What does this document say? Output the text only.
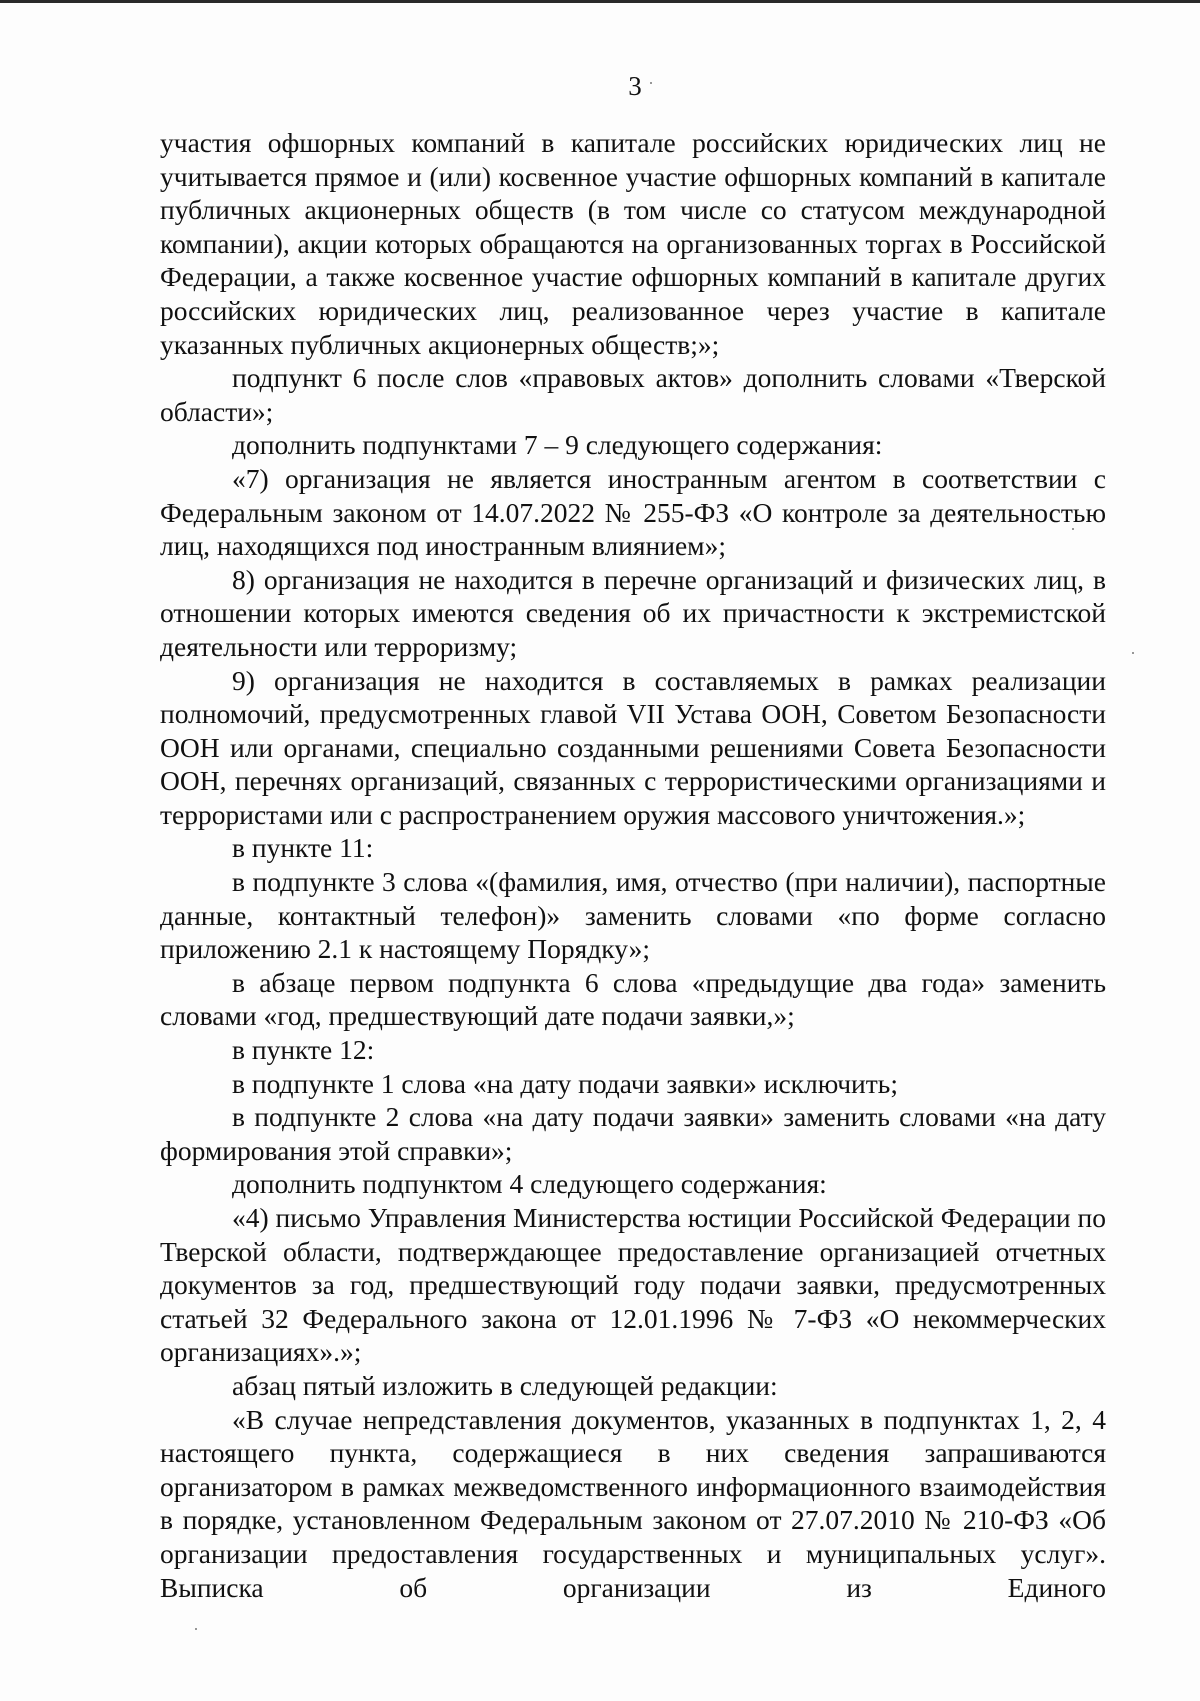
3

участия офшорных компаний в капитале российских юридических лиц не учитывается прямое и (или) косвенное участие офшорных компаний в капитале публичных акционерных обществ (в том числе со статусом международной компании), акции которых обращаются на организованных торгах в Российской Федерации, а также косвенное участие офшорных компаний в капитале других российских юридических лиц, реализованное через участие в капитале указанных публичных акционерных обществ;»;

подпункт 6 после слов «правовых актов» дополнить словами «Тверской области»;

дополнить подпунктами 7 – 9 следующего содержания:

«7) организация не является иностранным агентом в соответствии с Федеральным законом от 14.07.2022 № 255-ФЗ «О контроле за деятельностью лиц, находящихся под иностранным влиянием»;

8) организация не находится в перечне организаций и физических лиц, в отношении которых имеются сведения об их причастности к экстремистской деятельности или терроризму;

9) организация не находится в составляемых в рамках реализации полномочий, предусмотренных главой VII Устава ООН, Советом Безопасности ООН или органами, специально созданными решениями Совета Безопасности ООН, перечнях организаций, связанных с террористическими организациями и террористами или с распространением оружия массового уничтожения.»;

в пункте 11:

в подпункте 3 слова «(фамилия, имя, отчество (при наличии), паспортные данные, контактный телефон)» заменить словами «по форме согласно приложению 2.1 к настоящему Порядку»;

в абзаце первом подпункта 6 слова «предыдущие два года» заменить словами «год, предшествующий дате подачи заявки,»;

в пункте 12:

в подпункте 1 слова «на дату подачи заявки» исключить;

в подпункте 2 слова «на дату подачи заявки» заменить словами «на дату формирования этой справки»;

дополнить подпунктом 4 следующего содержания:

«4) письмо Управления Министерства юстиции Российской Федерации по Тверской области, подтверждающее предоставление организацией отчетных документов за год, предшествующий году подачи заявки, предусмотренных статьей 32 Федерального закона от 12.01.1996 № 7-ФЗ «О некоммерческих организациях».»;

абзац пятый изложить в следующей редакции:

«В случае непредставления документов, указанных в подпунктах 1, 2, 4 настоящего пункта, содержащиеся в них сведения запрашиваются организатором в рамках межведомственного информационного взаимодействия в порядке, установленном Федеральным законом от 27.07.2010 № 210-ФЗ «Об организации предоставления государственных и муниципальных услуг». Выписка об организации из Единого
